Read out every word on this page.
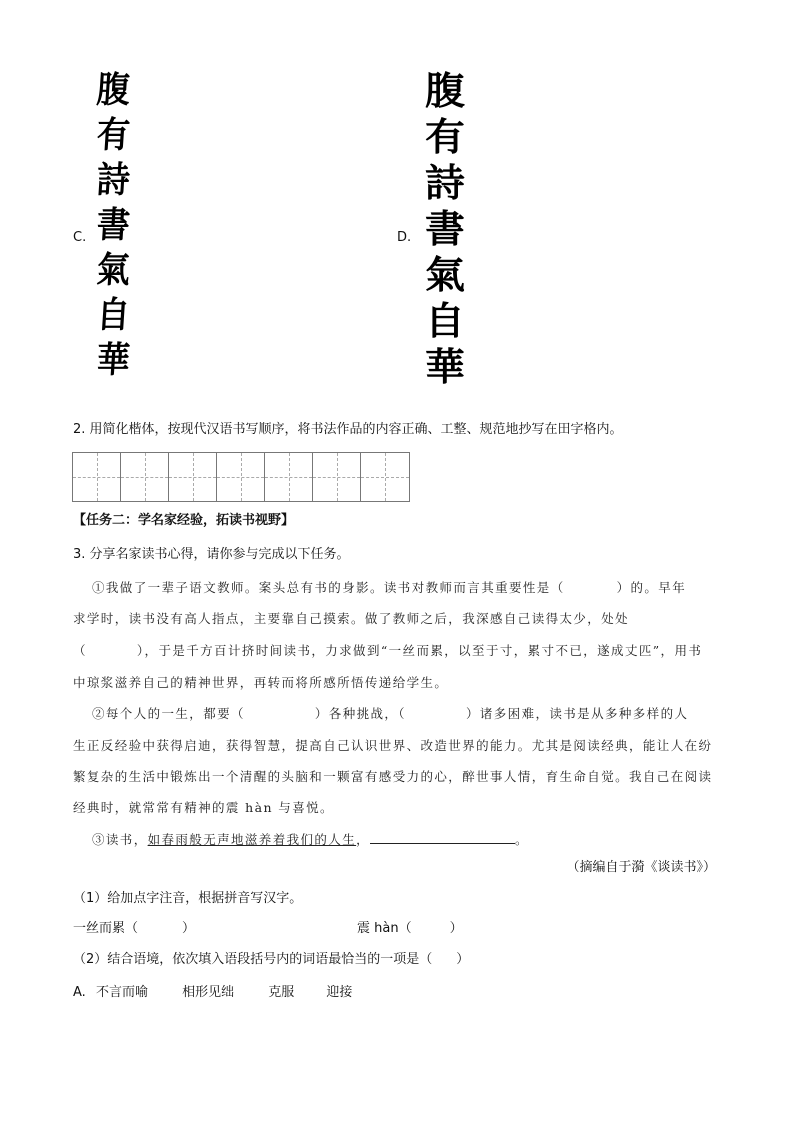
C.
腹
有
詩
書
氣
自
華
D.
腹
有
詩
書
氣
自
華
2. 用简化楷体，按现代汉语书写顺序，将书法作品的内容正确、工整、规范地抄写在田字格内。
【任务二：学名家经验，拓读书视野】
3. 分享名家读书心得，请你参与完成以下任务。
①我做了一辈子语文教师。案头总有书的身影。读书对教师而言其重要性是（	）的。早年
求学时，读书没有高人指点，主要靠自己摸索。做了教师之后，我深感自己读得太少，处处
（	），于是千方百计挤时间读书，力求做到“一丝而累，以至于寸，累寸不已，遂成丈匹”，用书
中琼浆滋养自己的精神世界，再转而将所感所悟传递给学生。
②每个人的一生，都要（	）各种挑战，（	）诸多困难，读书是从多种多样的人
生正反经验中获得启迪，获得智慧，提高自己认识世界、改造世界的能力。尤其是阅读经典，能让人在纷
繁复杂的生活中锻炼出一个清醒的头脑和一颗富有感受力的心，醉世事人情，育生命自觉。我自己在阅读
经典时，就常常有精神的震 hàn 与喜悦。
③读书，如春雨般无声地滋养着我们的人生，	。
（摘编自于漪《谈读书》）
（1）给加点字注音，根据拼音写汉字。
一丝而累（	）	震 hàn（	）
（2）结合语境，依次填入语段括号内的词语最恰当的一项是（ ）
A. 不言而喻	相形见绌	克服 迎接
